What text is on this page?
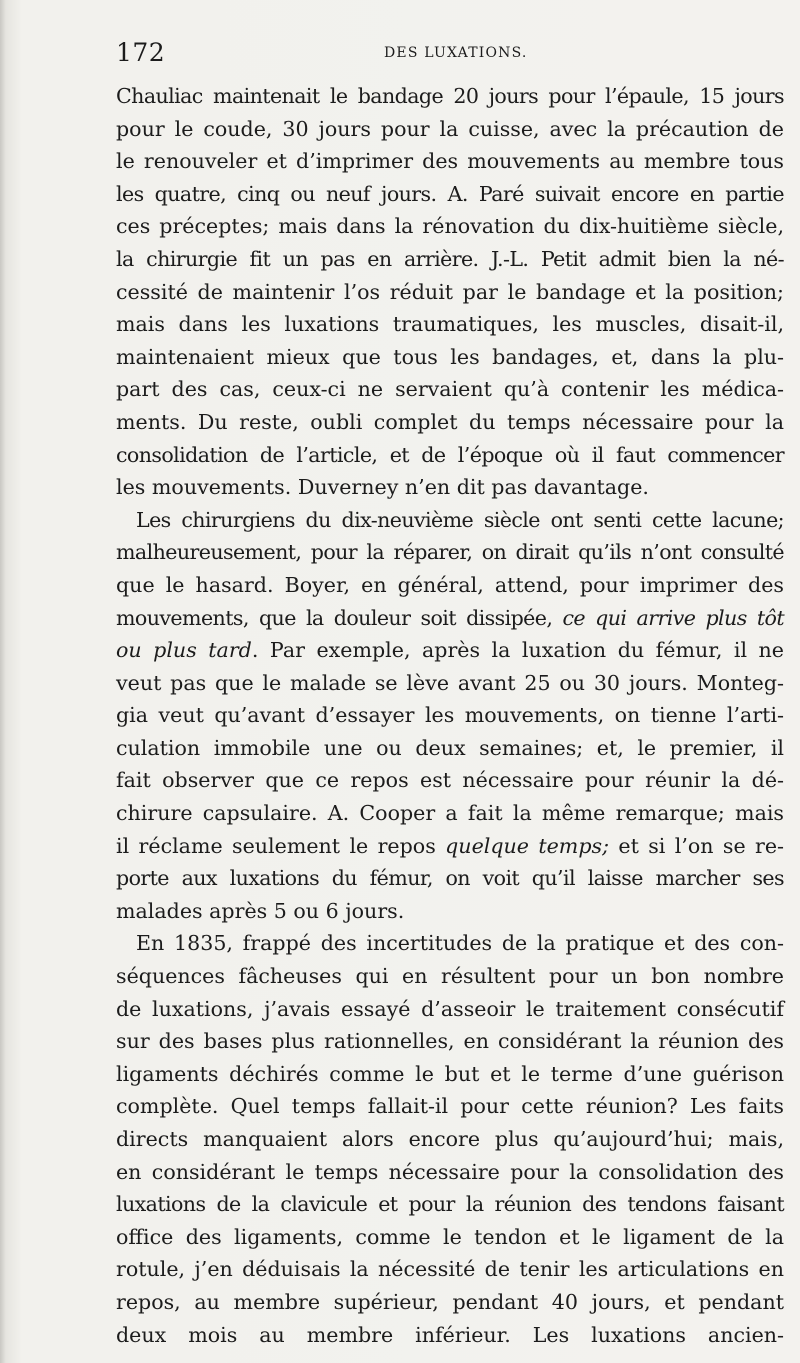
172	DES LUXATIONS.
Chauliac maintenait le bandage 20 jours pour l’épaule, 15 jours
pour le coude, 30 jours pour la cuisse, avec la précaution de
le renouveler et d’imprimer des mouvements au membre tous
les quatre, cinq ou neuf jours. A. Paré suivait encore en partie
ces préceptes; mais dans la rénovation du dix-huitième siècle,
la chirurgie fit un pas en arrière. J.-L. Petit admit bien la né-
cessité de maintenir l’os réduit par le bandage et la position;
mais dans les luxations traumatiques, les muscles, disait-il,
maintenaient mieux que tous les bandages, et, dans la plu-
part des cas, ceux-ci ne servaient qu’à contenir les médica-
ments. Du reste, oubli complet du temps nécessaire pour la
consolidation de l’article, et de l’époque où il faut commencer
les mouvements. Duverney n’en dit pas davantage.
Les chirurgiens du dix-neuvième siècle ont senti cette lacune;
malheureusement, pour la réparer, on dirait qu’ils n’ont consulté
que le hasard. Boyer, en général, attend, pour imprimer des
mouvements, que la douleur soit dissipée, ce qui arrive plus tôt
ou plus tard. Par exemple, après la luxation du fémur, il ne
veut pas que le malade se lève avant 25 ou 30 jours. Monteg-
gia veut qu’avant d’essayer les mouvements, on tienne l’arti-
culation immobile une ou deux semaines; et, le premier, il
fait observer que ce repos est nécessaire pour réunir la dé-
chirure capsulaire. A. Cooper a fait la même remarque; mais
il réclame seulement le repos quelque temps; et si l’on se re-
porte aux luxations du fémur, on voit qu’il laisse marcher ses
malades après 5 ou 6 jours.
En 1835, frappé des incertitudes de la pratique et des con-
séquences fâcheuses qui en résultent pour un bon nombre
de luxations, j’avais essayé d’asseoir le traitement consécutif
sur des bases plus rationnelles, en considérant la réunion des
ligaments déchirés comme le but et le terme d’une guérison
complète. Quel temps fallait-il pour cette réunion? Les faits
directs manquaient alors encore plus qu’aujourd’hui; mais,
en considérant le temps nécessaire pour la consolidation des
luxations de la clavicule et pour la réunion des tendons faisant
office des ligaments, comme le tendon et le ligament de la
rotule, j’en déduisais la nécessité de tenir les articulations en
repos, au membre supérieur, pendant 40 jours, et pendant
deux mois au membre inférieur. Les luxations ancien-
